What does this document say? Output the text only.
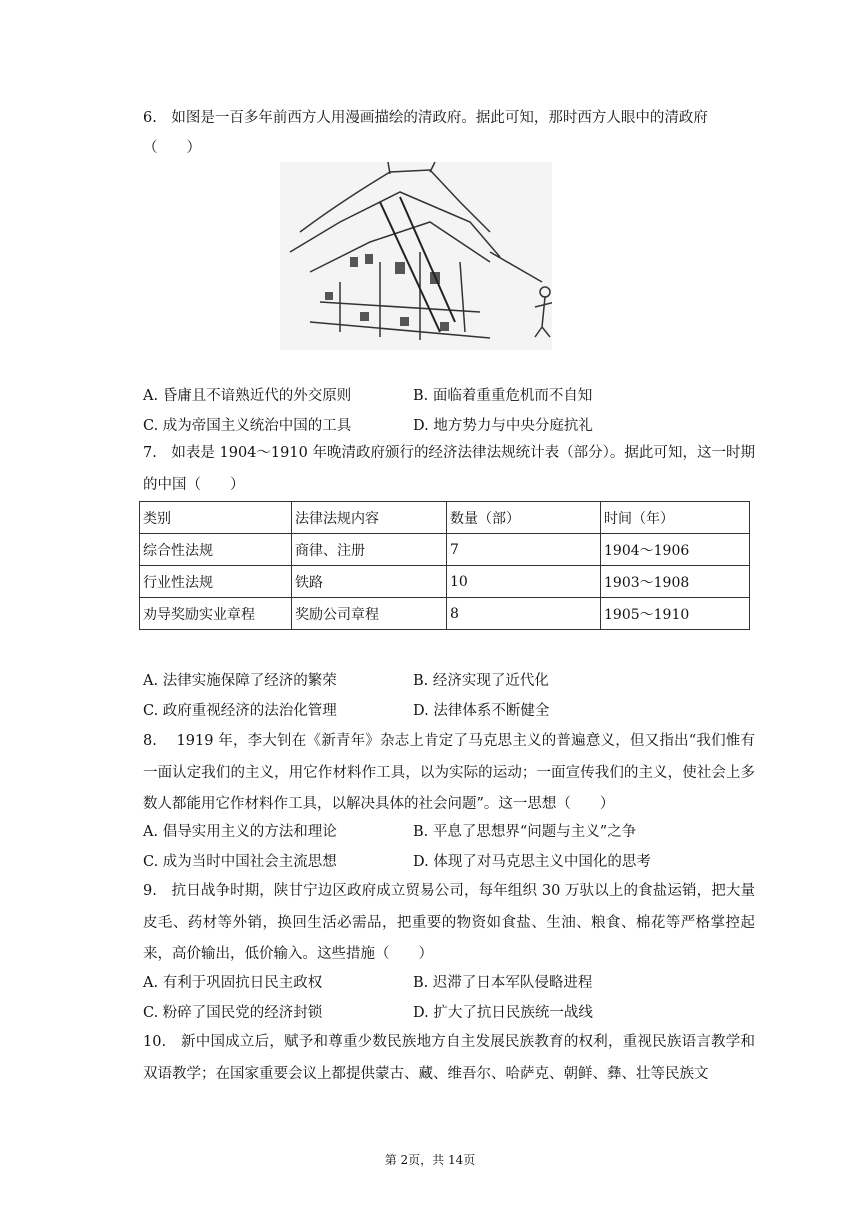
6.　如图是一百多年前西方人用漫画描绘的清政府。据此可知，那时西方人眼中的清政府
（　　）
A. 昏庸且不谙熟近代的外交原则	B. 面临着重重危机而不自知
C. 成为帝国主义统治中国的工具	D. 地方势力与中央分庭抗礼
7.　如表是 1904～1910 年晚清政府颁行的经济法律法规统计表（部分）。据此可知，这一时期的中国（　　）
类别	法律法规内容	数量（部）	时间（年）
综合性法规	商律、注册	7	1904～1906
行业性法规	铁路	10	1903～1908
劝导奖励实业章程	奖励公司章程	8	1905～1910
A. 法律实施保障了经济的繁荣	B. 经济实现了近代化
C. 政府重视经济的法治化管理	D. 法律体系不断健全
8.　 1919 年，李大钊在《新青年》杂志上肯定了马克思主义的普遍意义，但又指出“我们惟有一面认定我们的主义，用它作材料作工具，以为实际的运动；一面宣传我们的主义，使社会上多数人都能用它作材料作工具，以解决具体的社会问题”。这一思想（　　）
A. 倡导实用主义的方法和理论	B. 平息了思想界“问题与主义”之争
C. 成为当时中国社会主流思想	D. 体现了对马克思主义中国化的思考
9.　抗日战争时期，陕甘宁边区政府成立贸易公司，每年组织 30 万驮以上的食盐运销，把大量皮毛、药材等外销，换回生活必需品，把重要的物资如食盐、生油、粮食、棉花等严格掌控起来，高价输出，低价输入。这些措施（　　）
A. 有利于巩固抗日民主政权	B. 迟滞了日本军队侵略进程
C. 粉碎了国民党的经济封锁	D. 扩大了抗日民族统一战线
10.　新中国成立后，赋予和尊重少数民族地方自主发展民族教育的权利，重视民族语言教学和双语教学；在国家重要会议上都提供蒙古、藏、维吾尔、哈萨克、朝鲜、彝、壮等民族文
第 2页，共 14页
